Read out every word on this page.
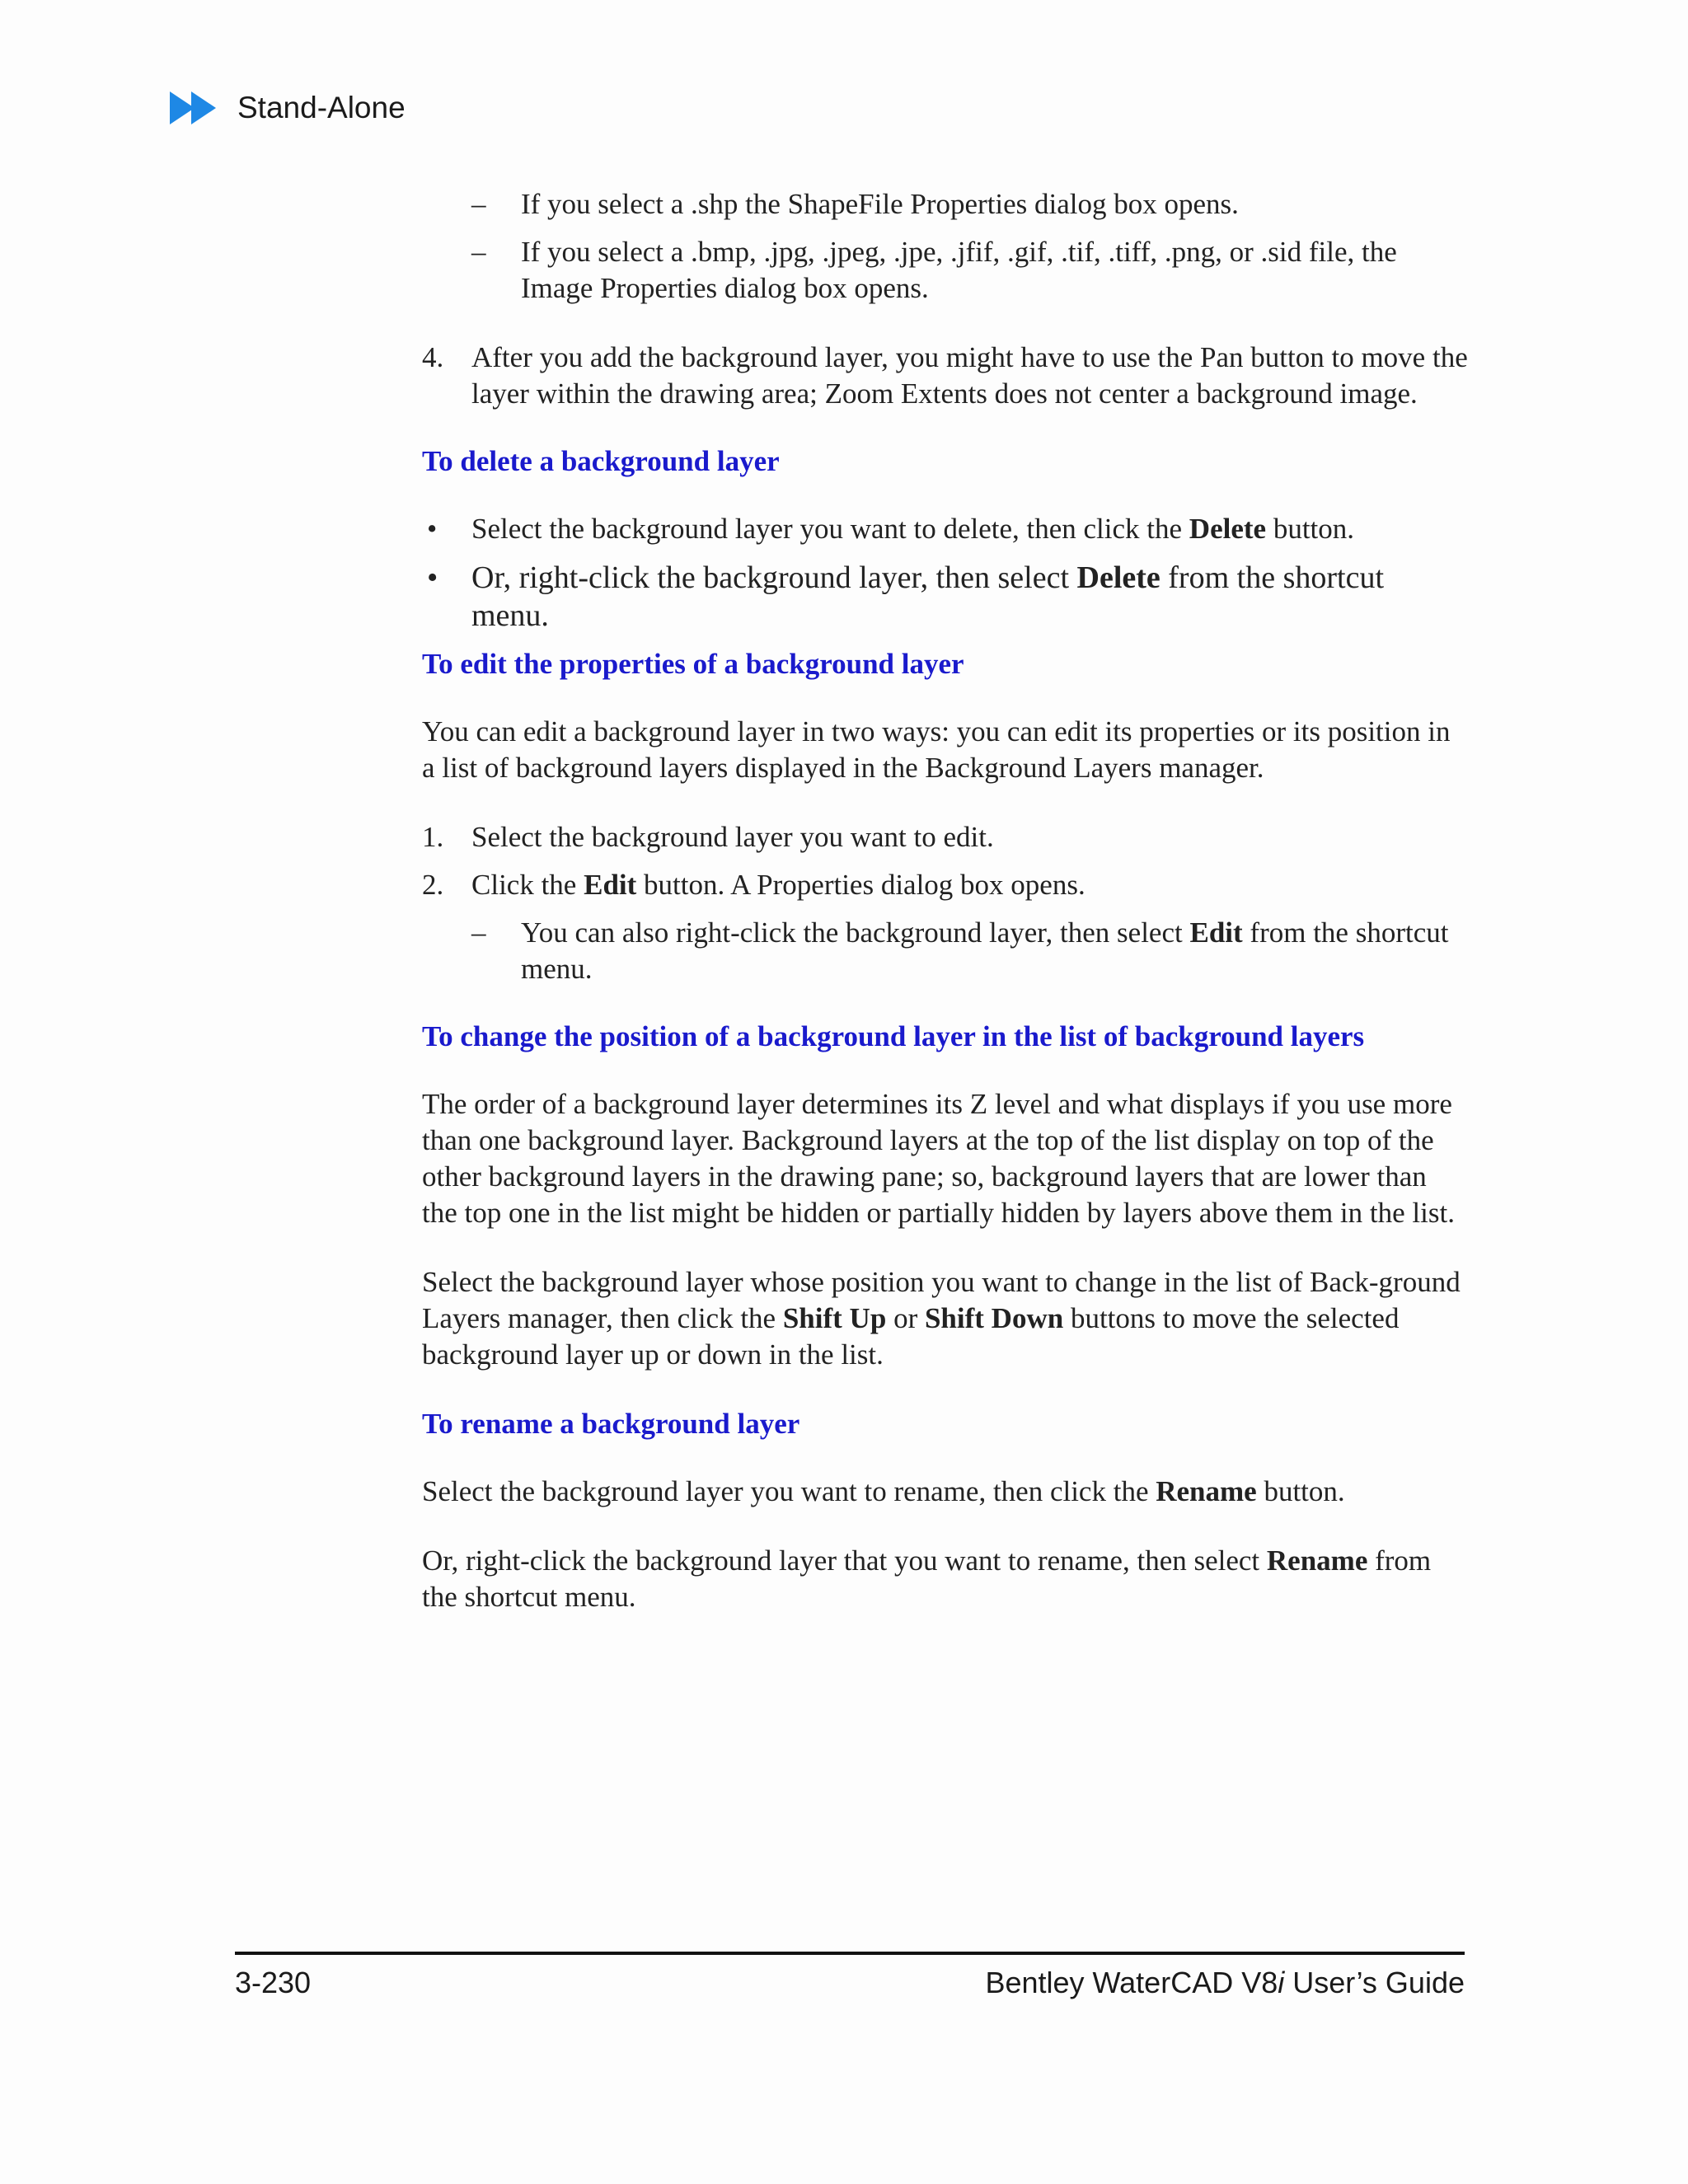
Stand-Alone
– If you select a .shp the ShapeFile Properties dialog box opens.
– If you select a .bmp, .jpg, .jpeg, .jpe, .jfif, .gif, .tif, .tiff, .png, or .sid file, the Image Properties dialog box opens.
4. After you add the background layer, you might have to use the Pan button to move the layer within the drawing area; Zoom Extents does not center a background image.
To delete a background layer
• Select the background layer you want to delete, then click the Delete button.
• Or, right-click the background layer, then select Delete from the shortcut menu.
To edit the properties of a background layer

You can edit a background layer in two ways: you can edit its properties or its position in a list of background layers displayed in the Background Layers manager.

1. Select the background layer you want to edit.
2. Click the Edit button. A Properties dialog box opens.
– You can also right-click the background layer, then select Edit from the shortcut menu.
To change the position of a background layer in the list of background layers

The order of a background layer determines its Z level and what displays if you use more than one background layer. Background layers at the top of the list display on top of the other background layers in the drawing pane; so, background layers that are lower than the top one in the list might be hidden or partially hidden by layers above them in the list.

Select the background layer whose position you want to change in the list of Back-ground Layers manager, then click the Shift Up or Shift Down buttons to move the selected background layer up or down in the list.

To rename a background layer

Select the background layer you want to rename, then click the Rename button.

Or, right-click the background layer that you want to rename, then select Rename from the shortcut menu.

3-230	Bentley WaterCAD V8i User’s Guide
